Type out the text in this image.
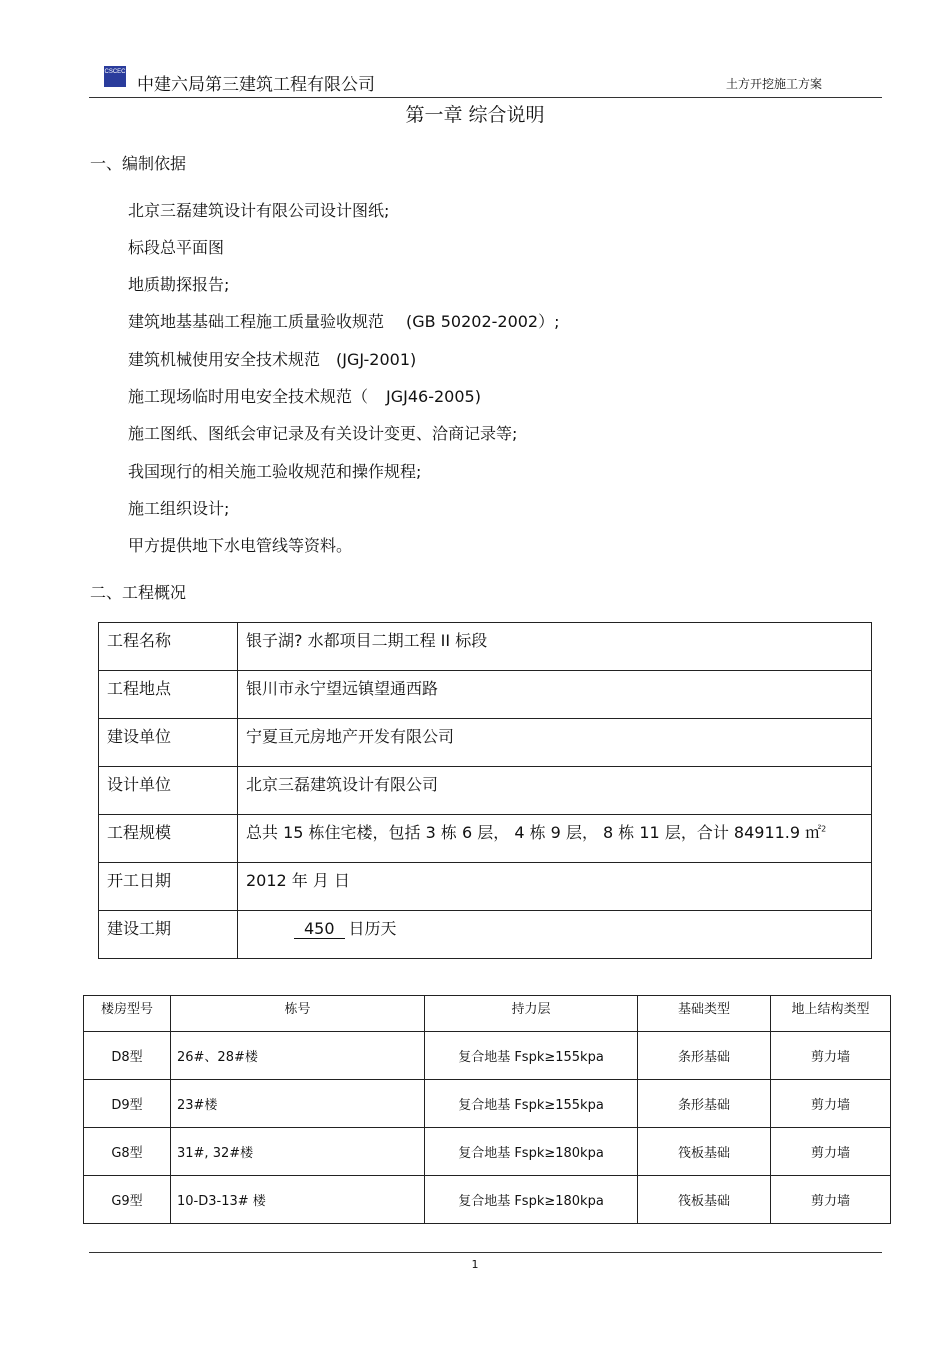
CSCEC
中建六局第三建筑工程有限公司	土方开挖施工方案
第一章 综合说明
一、编制依据
北京三磊建筑设计有限公司设计图纸;
标段总平面图
地质勘探报告;
建筑地基基础工程施工质量验收规范 (GB 50202-2002）;
建筑机械使用安全技术规范 (JGJ-2001)
施工现场临时用电安全技术规范（ JGJ46-2005)
施工图纸、图纸会审记录及有关设计变更、洽商记录等;
我国现行的相关施工验收规范和操作规程;
施工组织设计;
甲方提供地下水电管线等资料。
二、工程概况
工程名称	银子湖? 水都项目二期工程 II 标段
工程地点	银川市永宁望远镇望通西路
建设单位	宁夏亘元房地产开发有限公司
设计单位	北京三磊建筑设计有限公司
工程规模	总共 15 栋住宅楼，包括 3 栋 6 层， 4 栋 9 层， 8 栋 11 层，合计 84911.9 ㎡$^2$
开工日期	2012 年 月 日
建设工期	450 日历天
楼房型号	栋号	持力层	基础类型	地上结构类型
D8型	26#、28#楼	复合地基 Fspk≥155kpa	条形基础	剪力墙
D9型	23#楼	复合地基 Fspk≥155kpa	条形基础	剪力墙
G8型	31#, 32#楼	复合地基 Fspk≥180kpa	筏板基础	剪力墙
G9型	10-D3-13# 楼	复合地基 Fspk≥180kpa	筏板基础	剪力墙
1
